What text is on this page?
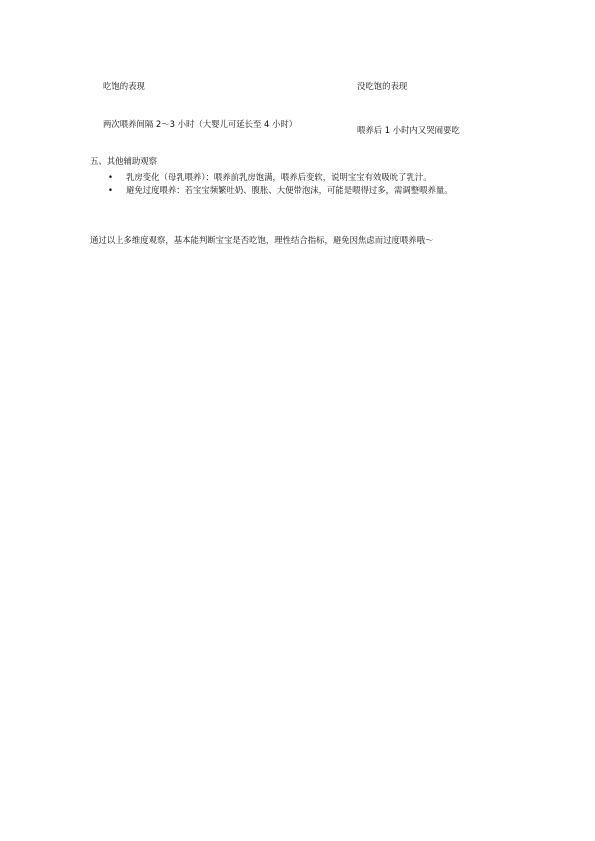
吃饱的表现	没吃饱的表现
两次喂养间隔 2～3 小时（大婴儿可延长至 4 小时）
喂养后 1 小时内又哭闹要吃
五、其他辅助观察
• 乳房变化（母乳喂养）：喂养前乳房饱满，喂养后变软，说明宝宝有效吸吮了乳汁。
• 避免过度喂养：若宝宝频繁吐奶、腹胀、大便带泡沫，可能是喂得过多，需调整喂养量。
通过以上多维度观察，基本能判断宝宝是否吃饱，理性结合指标，避免因焦虑而过度喂养哦～
